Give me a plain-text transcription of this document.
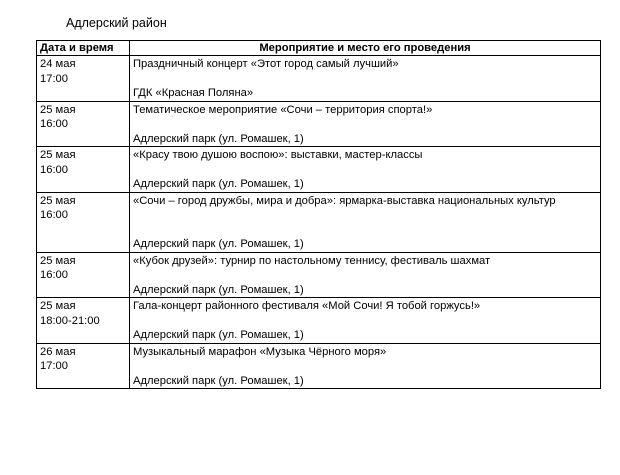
Адлерский район
Дата и время	Мероприятие и место его проведения

24 мая
17:00	Праздничный концерт «Этот город самый лучший»
ГДК «Красная Поляна»

25 мая
16:00	Тематическое мероприятие «Сочи – территория спорта!»
Адлерский парк (ул. Ромашек, 1)

25 мая
16:00	«Красу твою душою воспою»: выставки, мастер-классы
Адлерский парк (ул. Ромашек, 1)

25 мая
16:00	«Сочи – город дружбы, мира и добра»: ярмарка-выставка национальных культур
Адлерский парк (ул. Ромашек, 1)

25 мая
16:00	«Кубок друзей»: турнир по настольному теннису, фестиваль шахмат
Адлерский парк (ул. Ромашек, 1)

25 мая
18:00-21:00	Гала-концерт районного фестиваля «Мой Сочи! Я тобой горжусь!»
Адлерский парк (ул. Ромашек, 1)

26 мая
17:00	Музыкальный марафон «Музыка Чёрного моря»
Адлерский парк (ул. Ромашек, 1)
